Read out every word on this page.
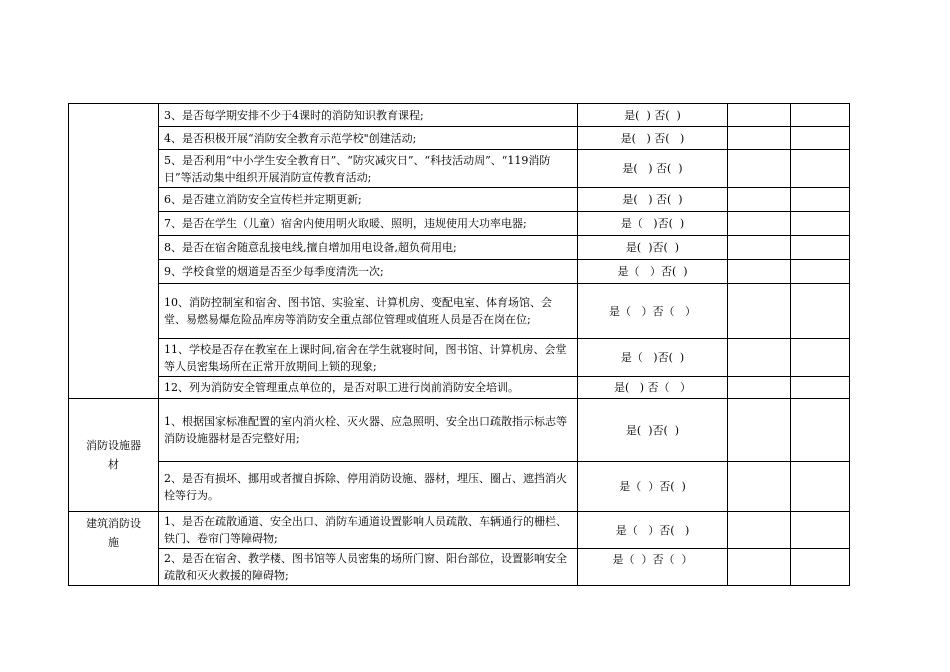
	3、是否每学期安排不少于4课时的消防知识教育课程;	是(  ) 否(  )		
	4、是否积极开展“消防安全教育示范学校"创建活动;	是(   ) 否(   )		
	5、是否利用“中小学生安全教育日”、“防灾减灾日”、“科技活动周”、“119消防日”等活动集中组织开展消防宣传教育活动;	是(   ) 否(  )		
	6、是否建立消防安全宣传栏并定期更新;	是(   ) 否(  )		
	7、是否在学生（儿童）宿舍内使用明火取暖、照明，违规使用大功率电器;	是（   )否(  )		
	8、是否在宿舍随意乱接电线,擅自增加用电设备,超负荷用电;	是(  )否(  )		
	9、学校食堂的烟道是否至少每季度清洗一次;	是（   ）否(  )		
	10、消防控制室和宿舍、图书馆、实验室、计算机房、变配电室、体育场馆、会堂、易燃易爆危险品库房等消防安全重点部位管理或值班人员是否在岗在位;	是（   ）否（   ）		
	11、学校是否存在教室在上课时间,宿舍在学生就寝时间，图书馆、计算机房、会堂等人员密集场所在正常开放期间上锁的现象;	是（   )否(  )		
	12、列为消防安全管理重点单位的，是否对职工进行岗前消防安全培训。	是(   ) 否（   ）		
消防设施器　 材	1、根据国家标准配置的室内消火栓、灭火器、应急照明、安全出口疏散指示标志等消防设施器材是否完整好用;	是(  )否(  )		
	2、是否有损坏、挪用或者擅自拆除、停用消防设施、器材，埋压、圈占、遮挡消火栓等行为。	是（  ）否(  )		
建筑消防设　 施	1、是否在疏散通道、安全出口、消防车通道设置影响人员疏散、车辆通行的栅栏、铁门、卷帘门等障碍物;	是（   ）否(   )		
	2、是否在宿舍、教学楼、图书馆等人员密集的场所门窗、阳台部位，设置影响安全疏散和灭火救援的障碍物;	是（  ）否（  ）		
